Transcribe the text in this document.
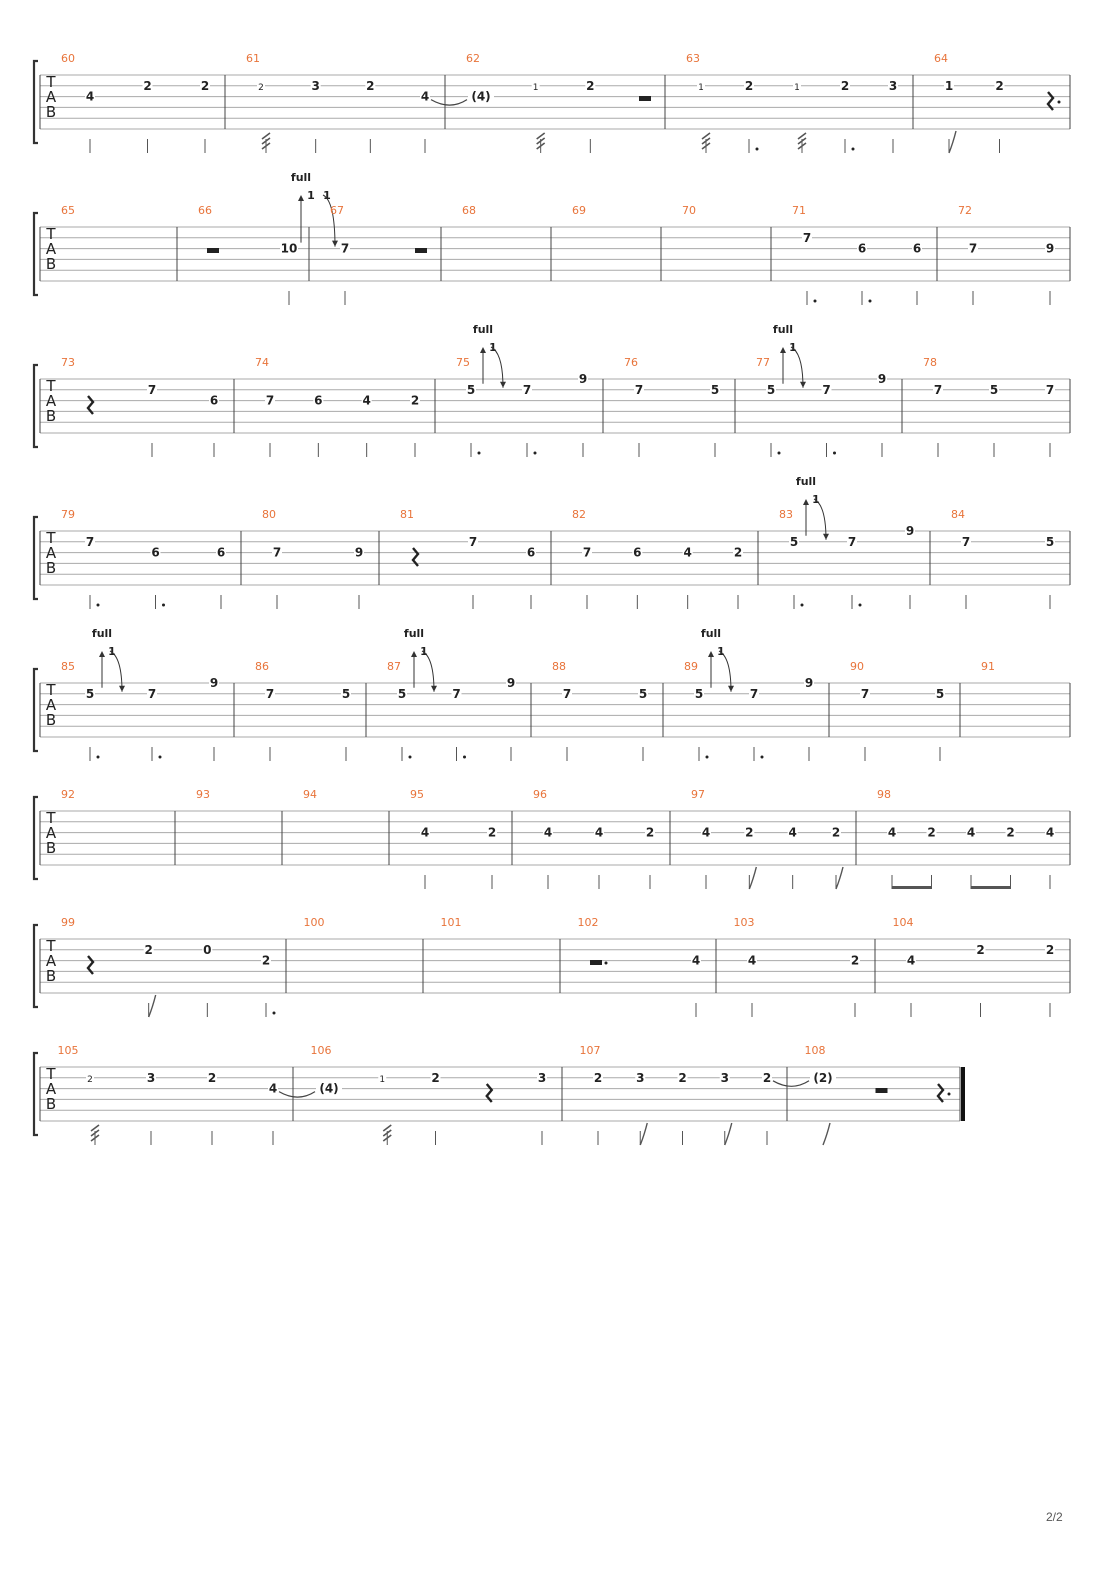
T
A
B
60
4
2	2
61
2	3	2
4
62
(4)
1	2
63
1	2	1	2	3
64
1	2
T
A
B
65	66
10
full
1 1
67
7
68	69	70	71
7
6	6
72
7	9
T
A
B
73
7
6
74
7	6	4	2
75
5
full
1
7
9
76
7	5
77
5
full
1
7
9
78
7	5	7
T
A
B
79
7
6	6
80
7	9
81
7
6
82
7	6	4	2
83
5
full
1
7
9
84
7	5
T
A
B
85
5
full
1
7
9
86
7	5
87
5
full
1
7
9
88
7	5
89
5
full
1
7
9
90
7	5
91
T
A
B
92	93	94	95
4	2
96
4	4	2
97
4	2	4	2
98
4	2	4	2	4
T
A
B
99
2	0
2
100	101	102
4
103
4	2
104
4
2	2
T
A
B
105
2	3	2
4
106
(4)
1	2	3
107
2	3	2	3	2
108
(2)
2/2
